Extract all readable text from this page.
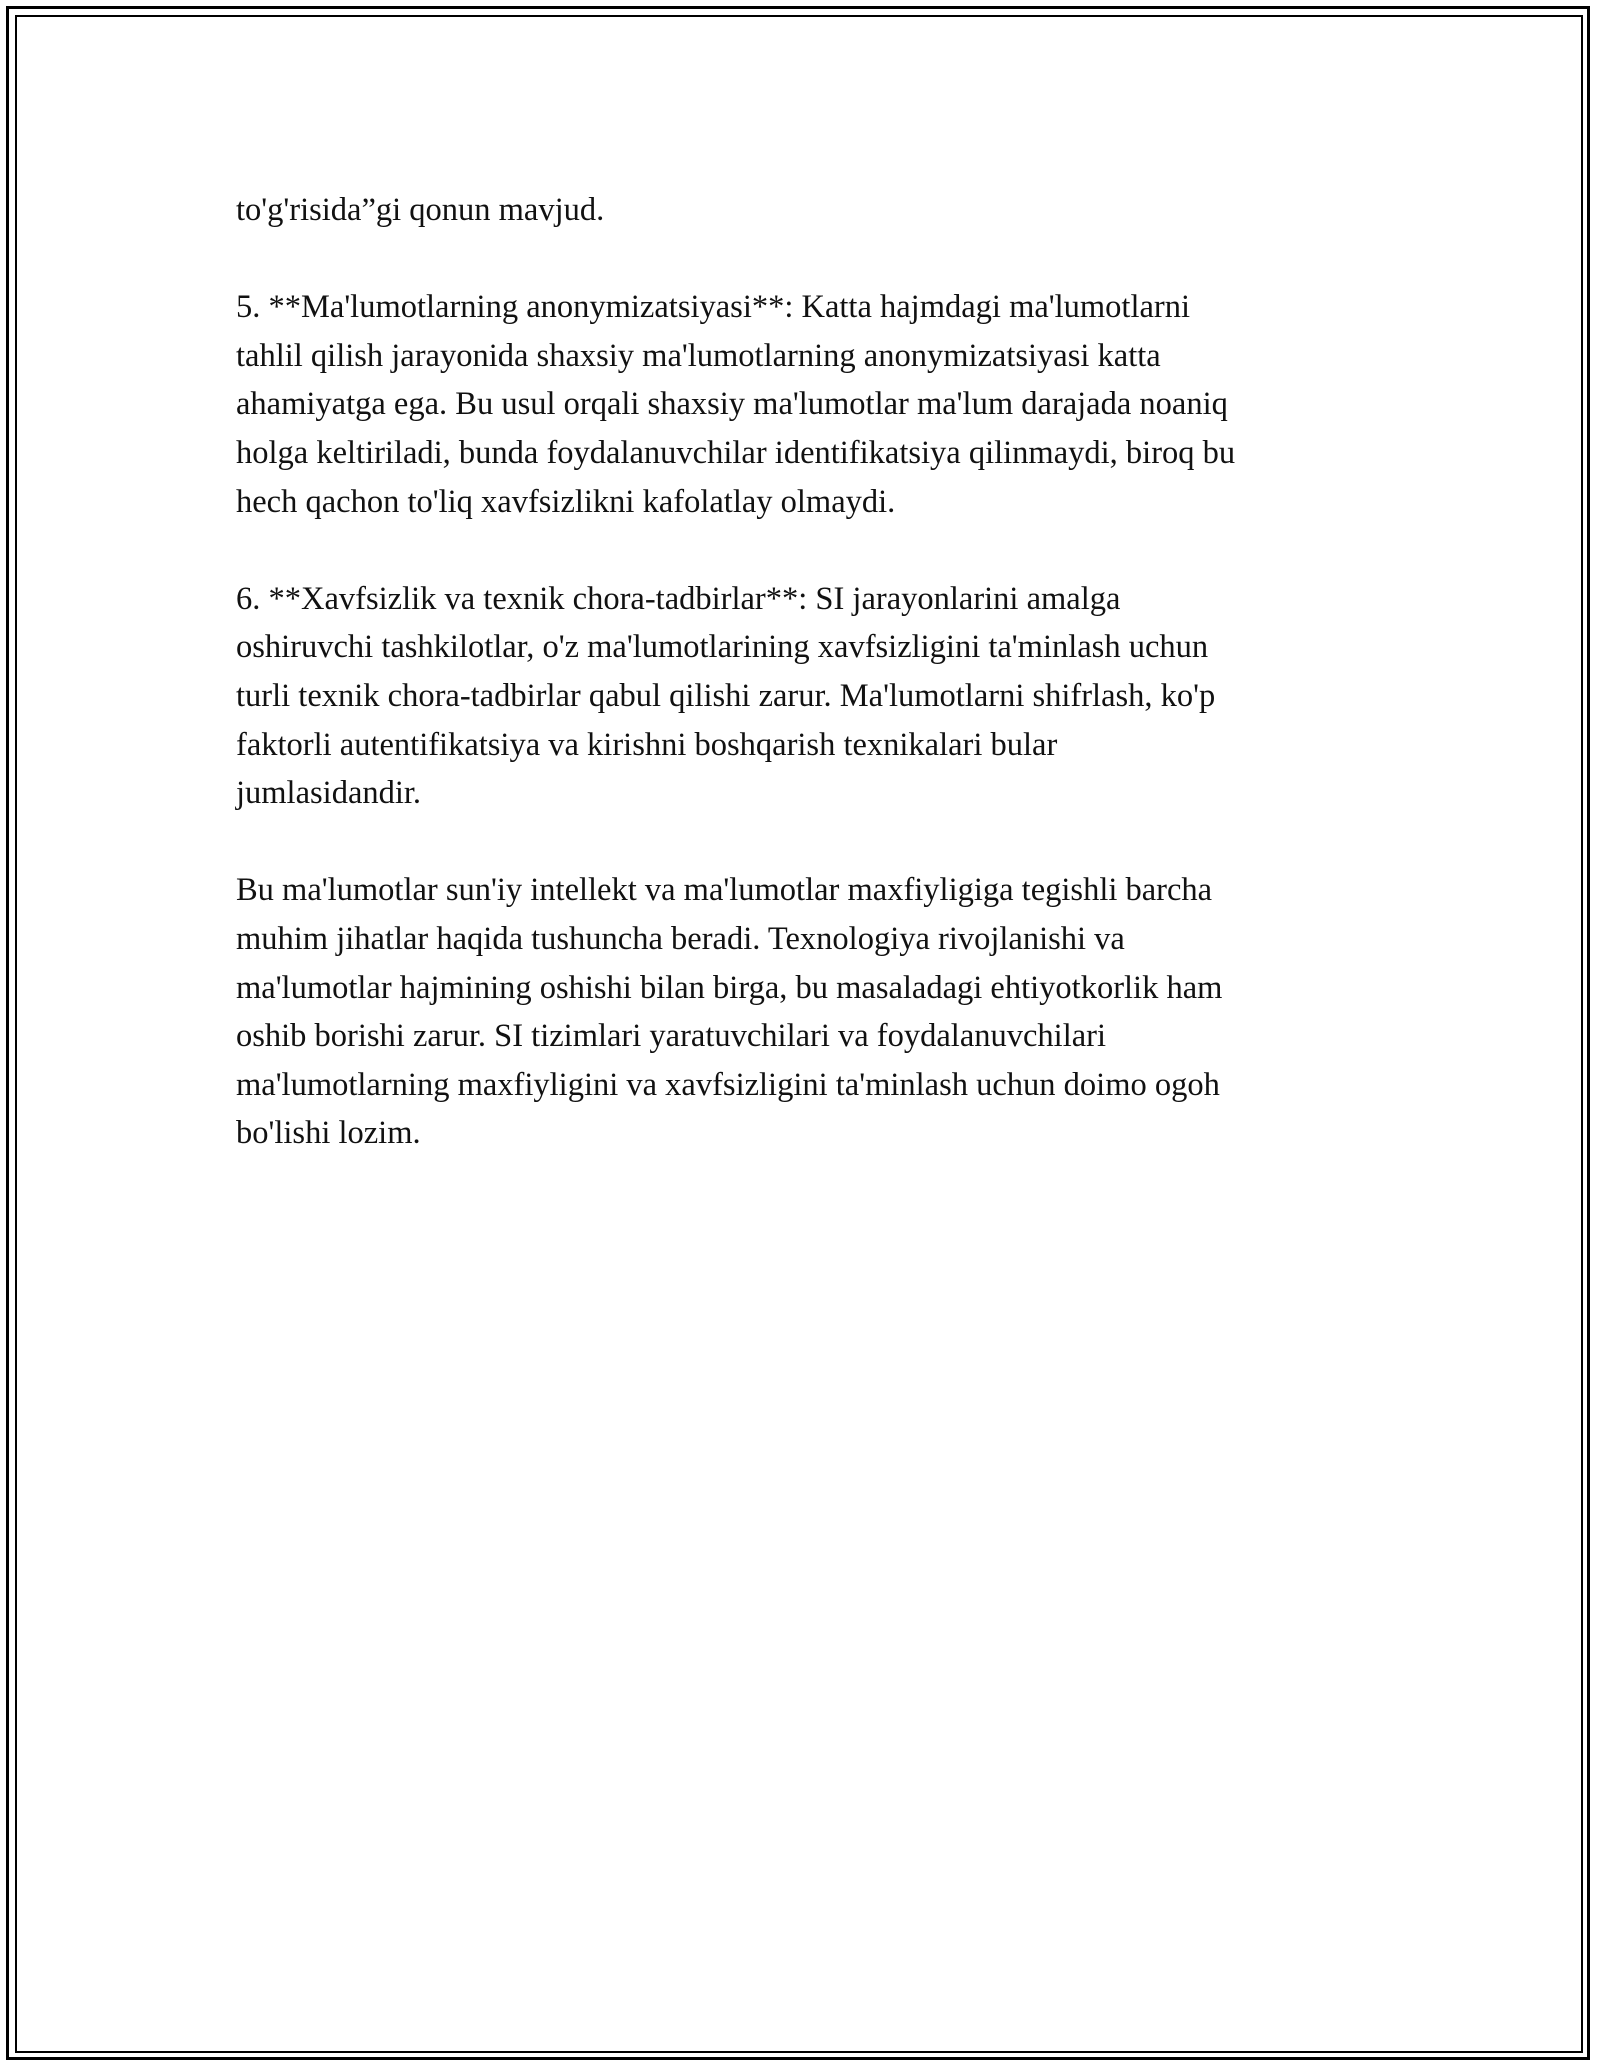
to'g'risida”gi qonun mavjud.

5. **Ma'lumotlarning anonymizatsiyasi**: Katta hajmdagi ma'lumotlarni
tahlil qilish jarayonida shaxsiy ma'lumotlarning anonymizatsiyasi katta
ahamiyatga ega. Bu usul orqali shaxsiy ma'lumotlar ma'lum darajada noaniq
holga keltiriladi, bunda foydalanuvchilar identifikatsiya qilinmaydi, biroq bu
hech qachon to'liq xavfsizlikni kafolatlay olmaydi.

6. **Xavfsizlik va texnik chora-tadbirlar**: SI jarayonlarini amalga
oshiruvchi tashkilotlar, o'z ma'lumotlarining xavfsizligini ta'minlash uchun
turli texnik chora-tadbirlar qabul qilishi zarur. Ma'lumotlarni shifrlash, ko'p
faktorli autentifikatsiya va kirishni boshqarish texnikalari bular
jumlasidandir.

Bu ma'lumotlar sun'iy intellekt va ma'lumotlar maxfiyligiga tegishli barcha
muhim jihatlar haqida tushuncha beradi. Texnologiya rivojlanishi va
ma'lumotlar hajmining oshishi bilan birga, bu masaladagi ehtiyotkorlik ham
oshib borishi zarur. SI tizimlari yaratuvchilari va foydalanuvchilari
ma'lumotlarning maxfiyligini va xavfsizligini ta'minlash uchun doimo ogoh
bo'lishi lozim.
